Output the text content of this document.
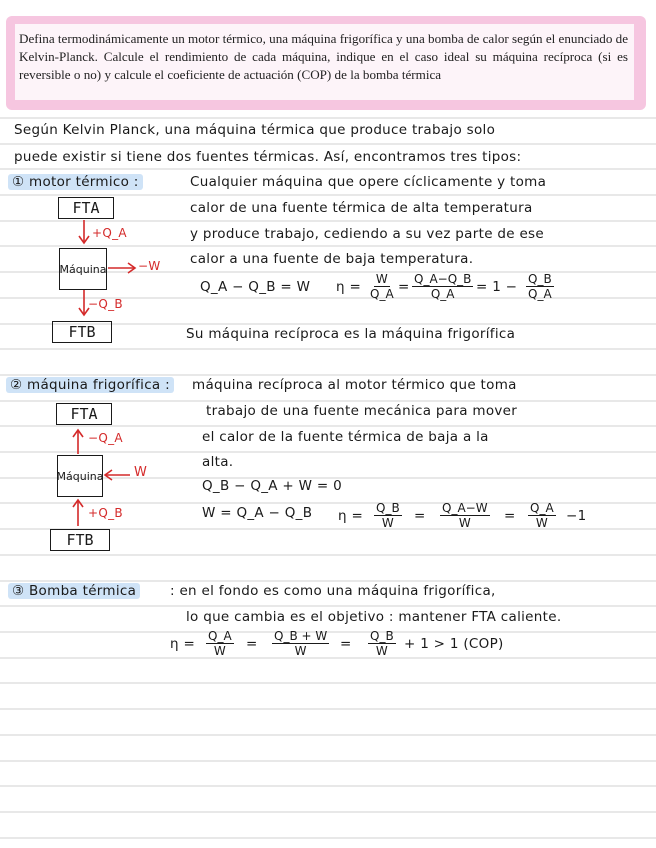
Defina termodinámicamente un motor térmico, una máquina frigorífica y una bomba de calor según el enunciado de Kelvin-Planck. Calcule el rendimiento de cada máquina, indique en el caso ideal su máquina recíproca (si es reversible o no) y calcule el coeficiente de actuación (COP) de la bomba térmica

Según Kelvin Planck, una máquina térmica que produce trabajo solo
puede existir si tiene dos fuentes térmicas. Así, encontramos tres tipos:
① motor térmico :	Cualquier máquina que opere cíclicamente y toma
calor de una fuente térmica de alta temperatura
y produce trabajo, cediendo a su vez parte de ese
calor a una fuente de baja temperatura.
FTA
+Q_A
Máquina	−W
−Q_B
FTB
Q_A − Q_B = W $\eta = \frac{W}{Q\_A} = \frac{Q\_A-Q\_B}{Q\_A} = 1 - \frac{Q\_B}{Q\_A}$
Su máquina recíproca es la máquina frigorífica
② máquina frigorífica : máquina recíproca al motor térmico que toma
trabajo de una fuente mecánica para mover
el calor de la fuente térmica de baja a la
alta.
Q_B − Q_A + W = 0
W = Q_A − Q_B
FTA
−Q_A
Máquina W
+Q_B
FTB
$\eta = \frac{Q\_B}{W} = \frac{Q\_A-W}{W} = \frac{Q\_A}{W} -1$
③ Bomba térmica	: en el fondo es como una máquina frigorífica,
lo que cambia es el objetivo : mantener FTA caliente.
$\eta = \frac{Q\_A}{W} = \frac{Q\_B + W}{W} = \frac{Q\_B}{W} + 1 > 1$ (COP)
